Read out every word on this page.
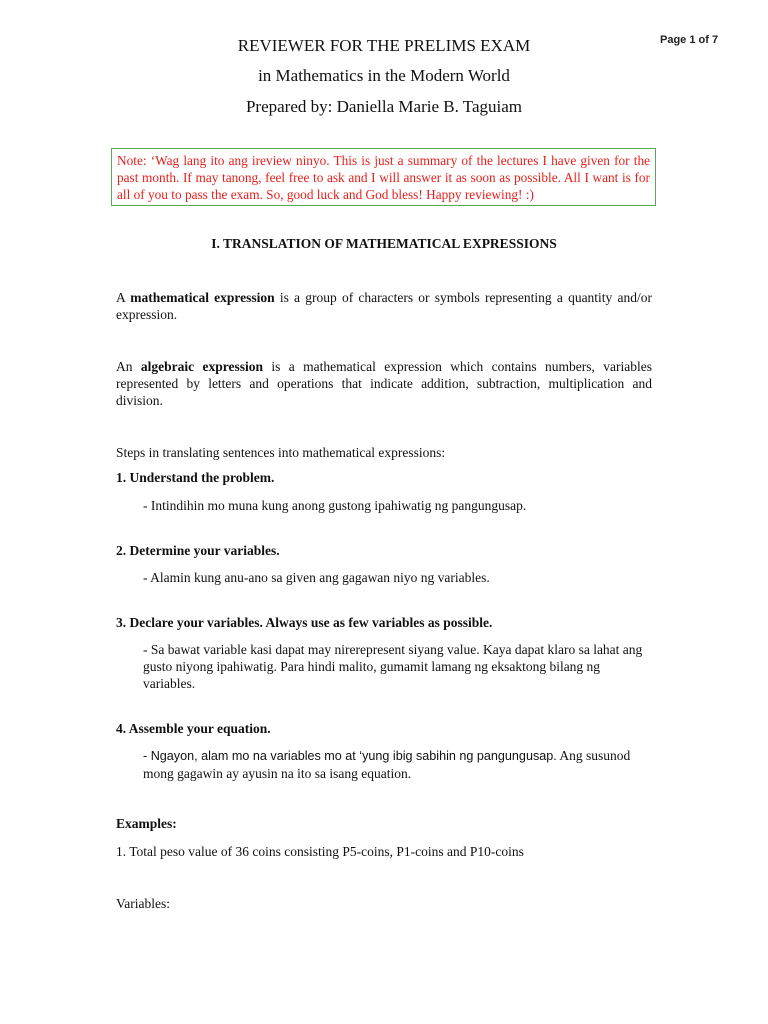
Page 1 of 7
REVIEWER FOR THE PRELIMS EXAM
in Mathematics in the Modern World
Prepared by: Daniella Marie B. Taguiam

Note: ‘Wag lang ito ang ireview ninyo. This is just a summary of the lectures I have given for the past month. If may tanong, feel free to ask and I will answer it as soon as possible. All I want is for all of you to pass the exam. So, good luck and God bless! Happy reviewing! :)

I. TRANSLATION OF MATHEMATICAL EXPRESSIONS

A mathematical expression is a group of characters or symbols representing a quantity and/or expression.

An algebraic expression is a mathematical expression which contains numbers, variables represented by letters and operations that indicate addition, subtraction, multiplication and division.

Steps in translating sentences into mathematical expressions:

1. Understand the problem.

- Intindihin mo muna kung anong gustong ipahiwatig ng pangungusap.

2. Determine your variables.

- Alamin kung anu-ano sa given ang gagawan niyo ng variables.

3. Declare your variables. Always use as few variables as possible.

- Sa bawat variable kasi dapat may nirerepresent siyang value. Kaya dapat klaro sa lahat ang gusto niyong ipahiwatig. Para hindi malito, gumamit lamang ng eksaktong bilang ng variables.

4. Assemble your equation.

- Ngayon, alam mo na variables mo at ‘yung ibig sabihin ng pangungusap. Ang susunod mong gagawin ay ayusin na ito sa isang equation.

Examples:

1. Total peso value of 36 coins consisting P5-coins, P1-coins and P10-coins

Variables:
